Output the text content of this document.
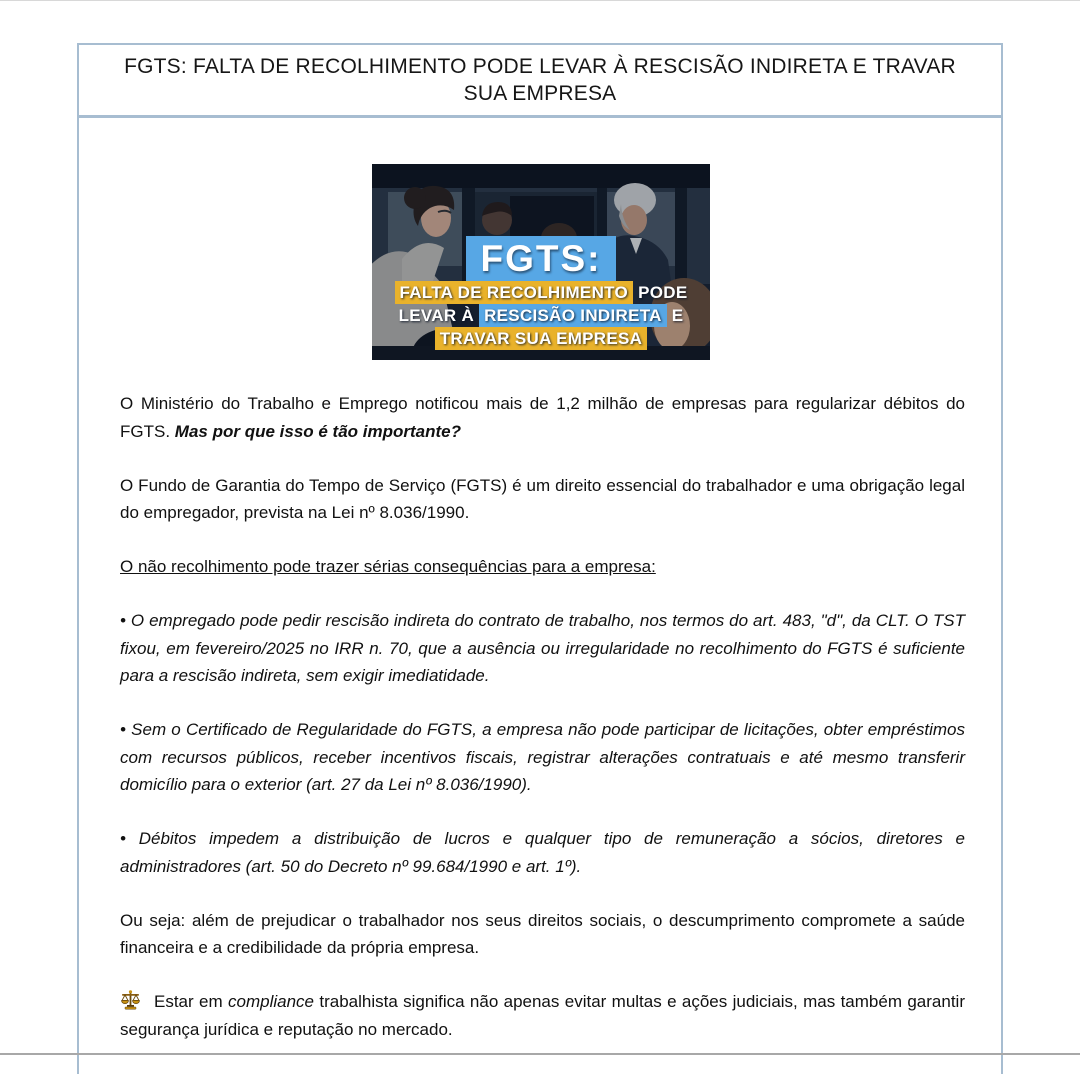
FGTS: FALTA DE RECOLHIMENTO PODE LEVAR À RESCISÃO INDIRETA E TRAVAR SUA EMPRESA
FGTS:
FALTA DE RECOLHIMENTO PODE
LEVAR À RESCISÃO INDIRETA E
TRAVAR SUA EMPRESA

O Ministério do Trabalho e Emprego notificou mais de 1,2 milhão de empresas para regularizar débitos do FGTS. Mas por que isso é tão importante?

O Fundo de Garantia do Tempo de Serviço (FGTS) é um direito essencial do trabalhador e uma obrigação legal do empregador, prevista na Lei nº 8.036/1990.

O não recolhimento pode trazer sérias consequências para a empresa:

• O empregado pode pedir rescisão indireta do contrato de trabalho, nos termos do art. 483, "d", da CLT. O TST fixou, em fevereiro/2025 no IRR n. 70, que a ausência ou irregularidade no recolhimento do FGTS é suficiente para a rescisão indireta, sem exigir imediatidade.

• Sem o Certificado de Regularidade do FGTS, a empresa não pode participar de licitações, obter empréstimos com recursos públicos, receber incentivos fiscais, registrar alterações contratuais e até mesmo transferir domicílio para o exterior (art. 27 da Lei nº 8.036/1990).

• Débitos impedem a distribuição de lucros e qualquer tipo de remuneração a sócios, diretores e administradores (art. 50 do Decreto nº 99.684/1990 e art. 1º).

Ou seja: além de prejudicar o trabalhador nos seus direitos sociais, o descumprimento compromete a saúde financeira e a credibilidade da própria empresa.

Estar em compliance trabalhista significa não apenas evitar multas e ações judiciais, mas também garantir segurança jurídica e reputação no mercado.
